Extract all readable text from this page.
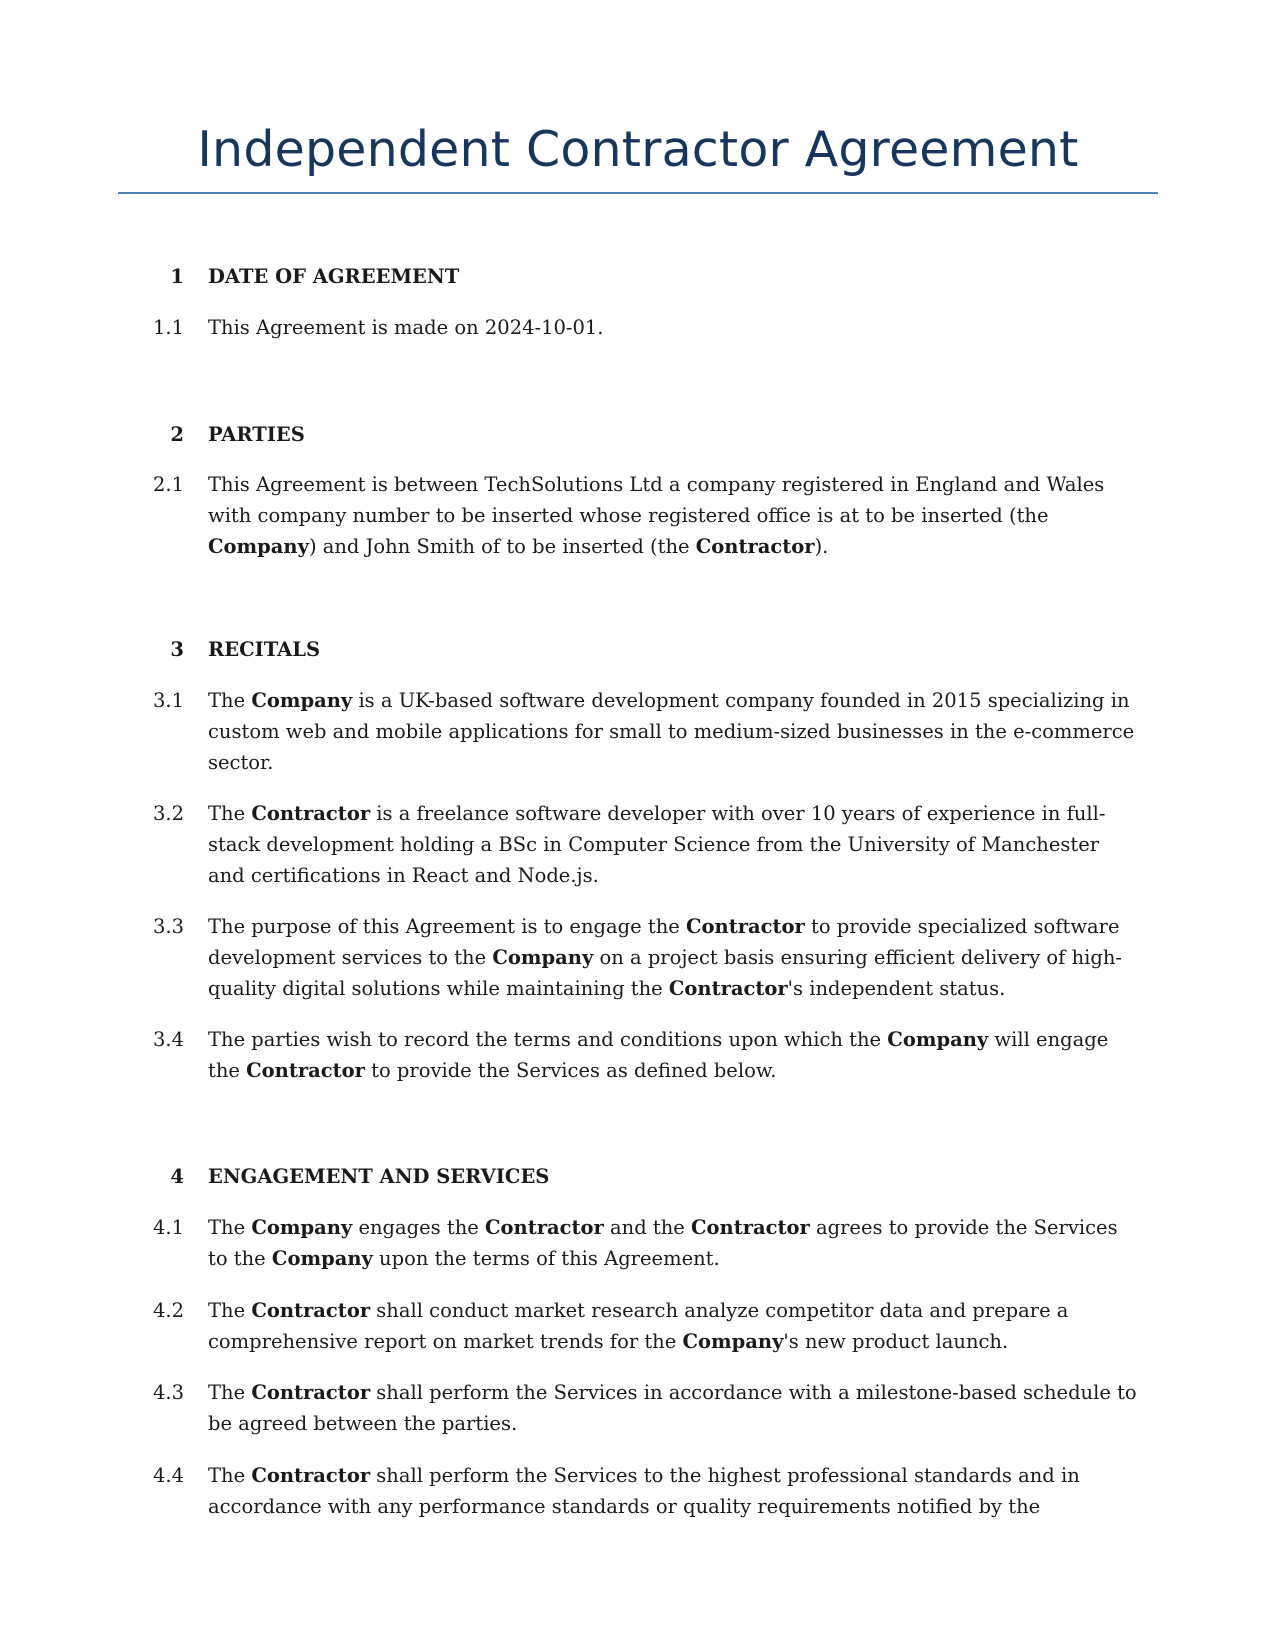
Independent Contractor Agreement
1 DATE OF AGREEMENT
1.1 This Agreement is made on 2024-10-01.
2 PARTIES
2.1 This Agreement is between TechSolutions Ltd a company registered in England and Wales with company number to be inserted whose registered office is at to be inserted (the Company) and John Smith of to be inserted (the Contractor).
3 RECITALS
3.1 The Company is a UK-based software development company founded in 2015 specializing in custom web and mobile applications for small to medium-sized businesses in the e-commerce sector.
3.2 The Contractor is a freelance software developer with over 10 years of experience in full-stack development holding a BSc in Computer Science from the University of Manchester and certifications in React and Node.js.
3.3 The purpose of this Agreement is to engage the Contractor to provide specialized software development services to the Company on a project basis ensuring efficient delivery of high-quality digital solutions while maintaining the Contractor's independent status.
3.4 The parties wish to record the terms and conditions upon which the Company will engage the Contractor to provide the Services as defined below.
4 ENGAGEMENT AND SERVICES
4.1 The Company engages the Contractor and the Contractor agrees to provide the Services to the Company upon the terms of this Agreement.
4.2 The Contractor shall conduct market research analyze competitor data and prepare a comprehensive report on market trends for the Company's new product launch.
4.3 The Contractor shall perform the Services in accordance with a milestone-based schedule to be agreed between the parties.
4.4 The Contractor shall perform the Services to the highest professional standards and in accordance with any performance standards or quality requirements notified by the
